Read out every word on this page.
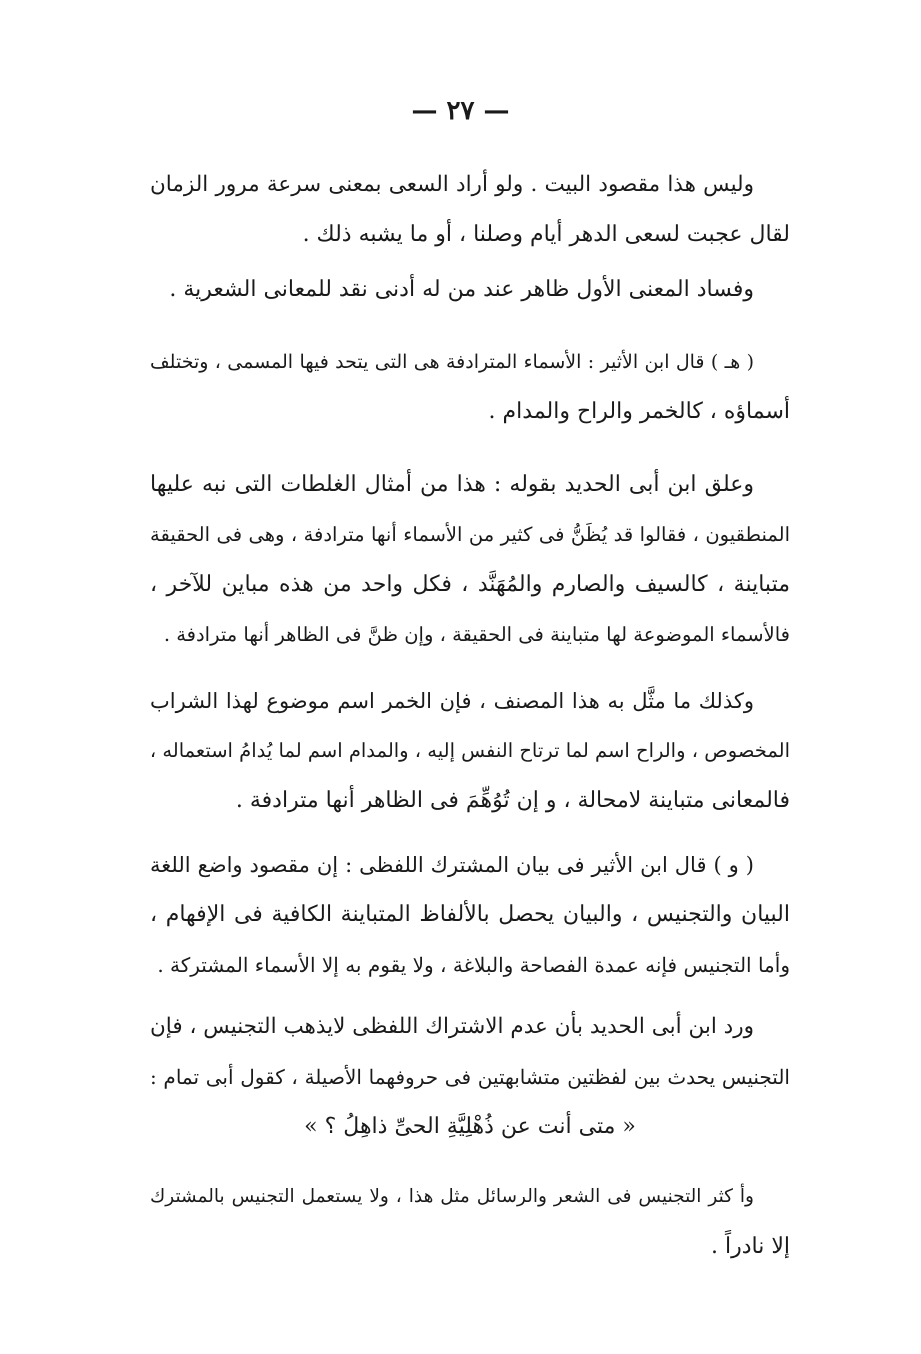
— ٢٧ —
وليس هذا مقصود البيت . ولو أراد السعى بمعنى سرعة مرور الزمان
لقال عجبت لسعى الدهر أيام وصلنا ، أو ما يشبه ذلك .
وفساد المعنى الأول ظاهر عند من له أدنى نقد للمعانى الشعرية .
( هـ ) قال ابن الأثير : الأسماء المترادفة هى التى يتحد فيها المسمى ، وتختلف
أسماؤه ، كالخمر والراح والمدام .
وعلق ابن أبى الحديد بقوله : هذا من أمثال الغلطات التى نبه عليها
المنطقيون ، فقالوا قد يُظَنُّ فى كثير من الأسماء أنها مترادفة ، وهى فى الحقيقة
متباينة ، كالسيف والصارم والمُهَنَّد ، فكل واحد من هذه مباين للآخر ،
فالأسماء الموضوعة لها متباينة فى الحقيقة ، وإن ظنَّ فى الظاهر أنها مترادفة .
وكذلك ما مثَّل به هذا المصنف ، فإن الخمر اسم موضوع لهذا الشراب
المخصوص ، والراح اسم لما ترتاح النفس إليه ، والمدام اسم لما يُدامُ استعماله ،
فالمعانى متباينة لامحالة ، و إن تُوُهِّمَ فى الظاهر أنها مترادفة .
( و ) قال ابن الأثير فى بيان المشترك اللفظى : إن مقصود واضع اللغة
البيان والتجنيس ، والبيان يحصل بالألفاظ المتباينة الكافية فى الإفهام ،
وأما التجنيس فإنه عمدة الفصاحة والبلاغة ، ولا يقوم به إلا الأسماء المشتركة .
ورد ابن أبى الحديد بأن عدم الاشتراك اللفظى لايذهب التجنيس ، فإن
التجنيس يحدث بين لفظتين متشابهتين فى حروفهما الأصيلة ، كقول أبى تمام :
« متى أنت عن ذُهْلِيَّةِ الحىِّ ذاهِلُ ؟ »
وأ كثر التجنيس فى الشعر والرسائل مثل هذا ، ولا يستعمل التجنيس بالمشترك
إلا نادراً .
